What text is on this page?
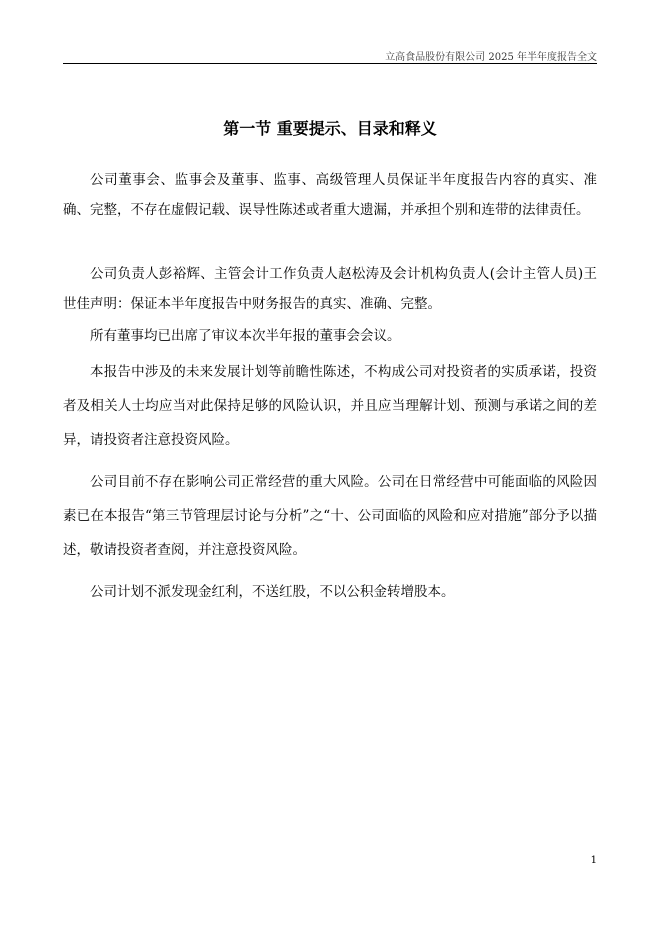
立高食品股份有限公司 2025 年半年度报告全文
第一节 重要提示、目录和释义

公司董事会、监事会及董事、监事、高级管理人员保证半年度报告内容的真实、准确、完整，不存在虚假记载、误导性陈述或者重大遗漏，并承担个别和连带的法律责任。

公司负责人彭裕辉、主管会计工作负责人赵松涛及会计机构负责人(会计主管人员)王世佳声明：保证本半年度报告中财务报告的真实、准确、完整。

所有董事均已出席了审议本次半年报的董事会会议。

本报告中涉及的未来发展计划等前瞻性陈述，不构成公司对投资者的实质承诺，投资者及相关人士均应当对此保持足够的风险认识，并且应当理解计划、预测与承诺之间的差异，请投资者注意投资风险。

公司目前不存在影响公司正常经营的重大风险。公司在日常经营中可能面临的风险因素已在本报告“第三节管理层讨论与分析”之“十、公司面临的风险和应对措施”部分予以描述，敬请投资者查阅，并注意投资风险。

公司计划不派发现金红利，不送红股，不以公积金转增股本。

1
